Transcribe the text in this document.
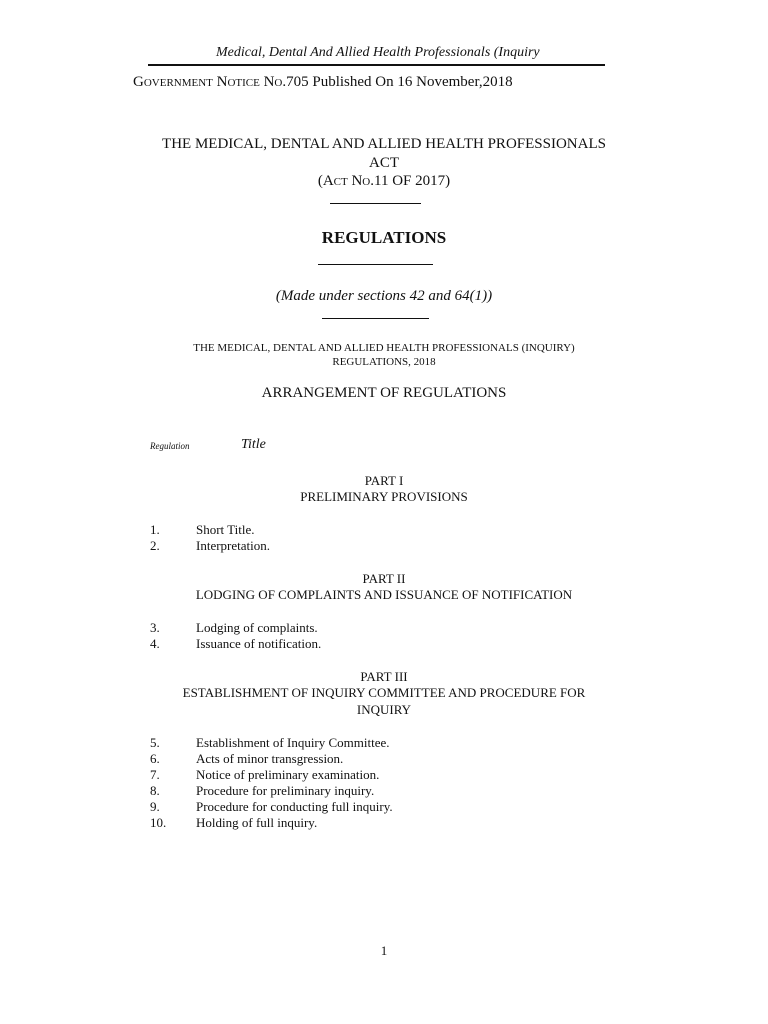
Medical, Dental And Allied Health Professionals (Inquiry
Government Notice No.705 Published On 16 November,2018
THE MEDICAL, DENTAL AND ALLIED HEALTH PROFESSIONALS
ACT
(Act No.11 OF 2017)
REGULATIONS
(Made under sections 42 and 64(1))
THE MEDICAL, DENTAL AND ALLIED HEALTH PROFESSIONALS (INQUIRY)
REGULATIONS, 2018
ARRANGEMENT OF REGULATIONS
Regulation	Title
PART I
PRELIMINARY PROVISIONS
1.	Short Title.
2.	Interpretation.
PART II
LODGING OF COMPLAINTS AND ISSUANCE OF NOTIFICATION
3.	Lodging of complaints.
4.	Issuance of notification.
PART III
ESTABLISHMENT OF INQUIRY COMMITTEE AND PROCEDURE FOR
INQUIRY
5.	Establishment of Inquiry Committee.
6.	Acts of minor transgression.
7.	Notice of preliminary examination.
8.	Procedure for preliminary inquiry.
9.	Procedure for conducting full inquiry.
10. Holding of full inquiry.
1
